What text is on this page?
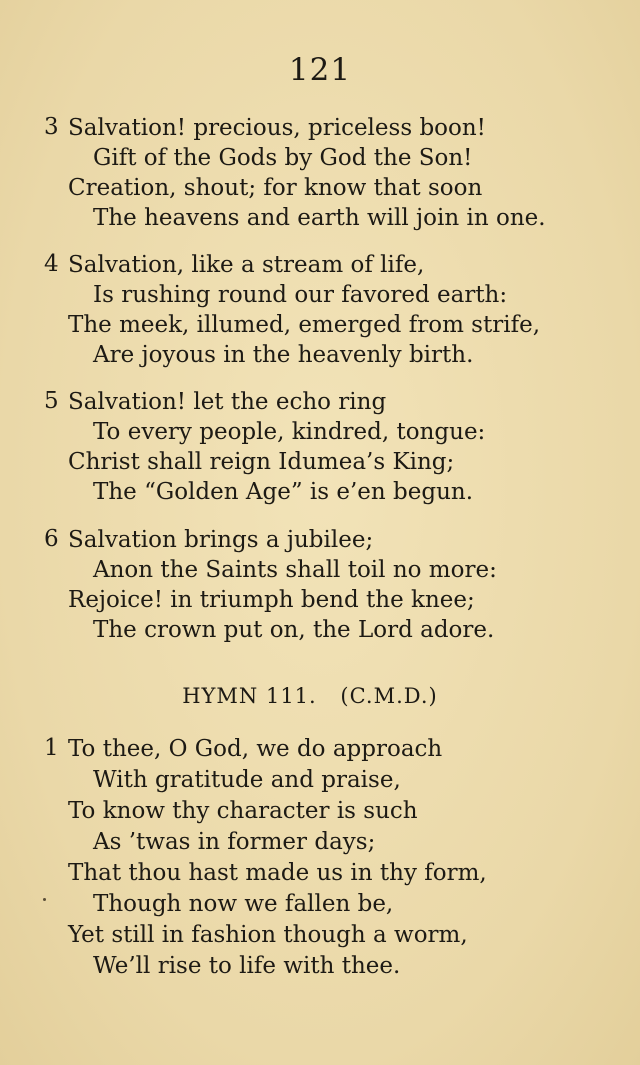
121
3 Salvation! precious, priceless boon!
Gift of the Gods by God the Son!
Creation, shout; for know that soon
The heavens and earth will join in one.
4 Salvation, like a stream of life,
Is rushing round our favored earth:
The meek, illumed, emerged from strife,
Are joyous in the heavenly birth.
5 Salvation! let the echo ring
To every people, kindred, tongue:
Christ shall reign Idumea’s King;
The “Golden Age” is e’en begun.
6 Salvation brings a jubilee;
Anon the Saints shall toil no more:
Rejoice! in triumph bend the knee;
The crown put on, the Lord adore.
HYMN 111. (C.M.D.)
1 To thee, O God, we do approach
With gratitude and praise,
To know thy character is such
As ’twas in former days;
That thou hast made us in thy form,
Though now we fallen be,
Yet still in fashion though a worm,
We’ll rise to life with thee.
